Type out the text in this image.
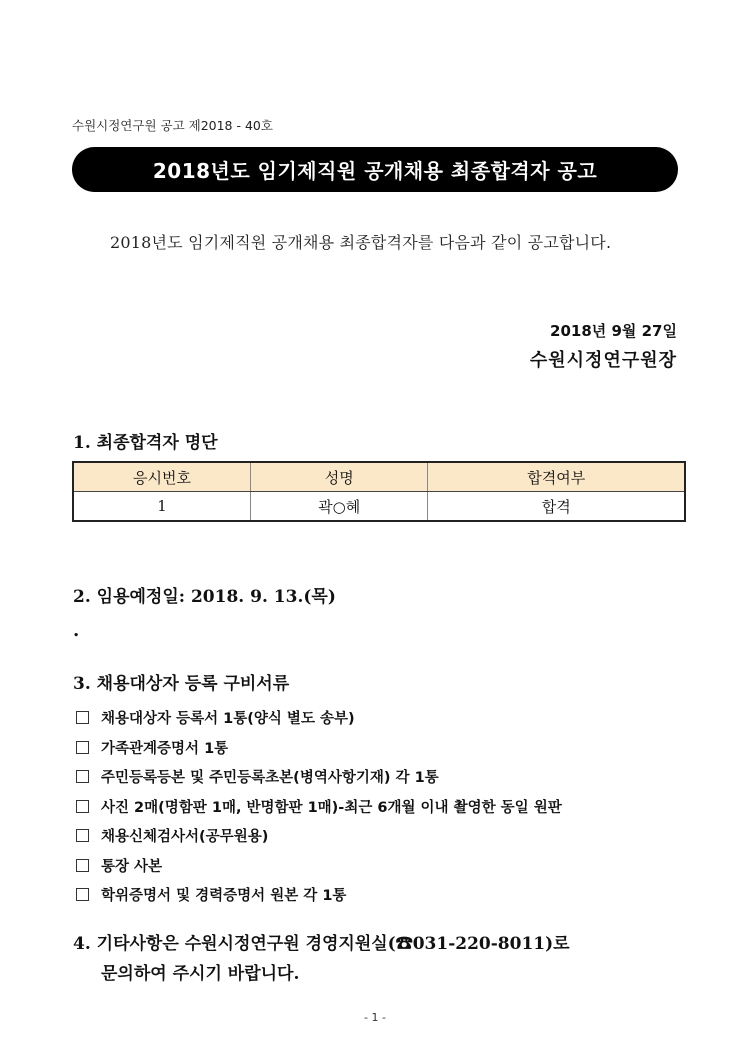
수원시정연구원 공고 제2018 - 40호
2018년도 임기제직원 공개채용 최종합격자 공고
2018년도 임기제직원 공개채용 최종합격자를 다음과 같이 공고합니다.
2018년 9월 27일
수원시정연구원장
1. 최종합격자 명단
응시번호	성명	합격여부
1	곽○혜	합격
2. 임용예정일: 2018. 9. 13.(목)
.
3. 채용대상자 등록 구비서류
채용대상자 등록서 1통(양식 별도 송부)
가족관계증명서 1통
주민등록등본 및 주민등록초본(병역사항기재) 각 1통
사진 2매(명함판 1매, 반명함판 1매)-최근 6개월 이내 촬영한 동일 원판
채용신체검사서(공무원용)
통장 사본
학위증명서 및 경력증명서 원본 각 1통
4. 기타사항은 수원시정연구원 경영지원실(☎031-220-8011)로
문의하여 주시기 바랍니다.
- 1 -
